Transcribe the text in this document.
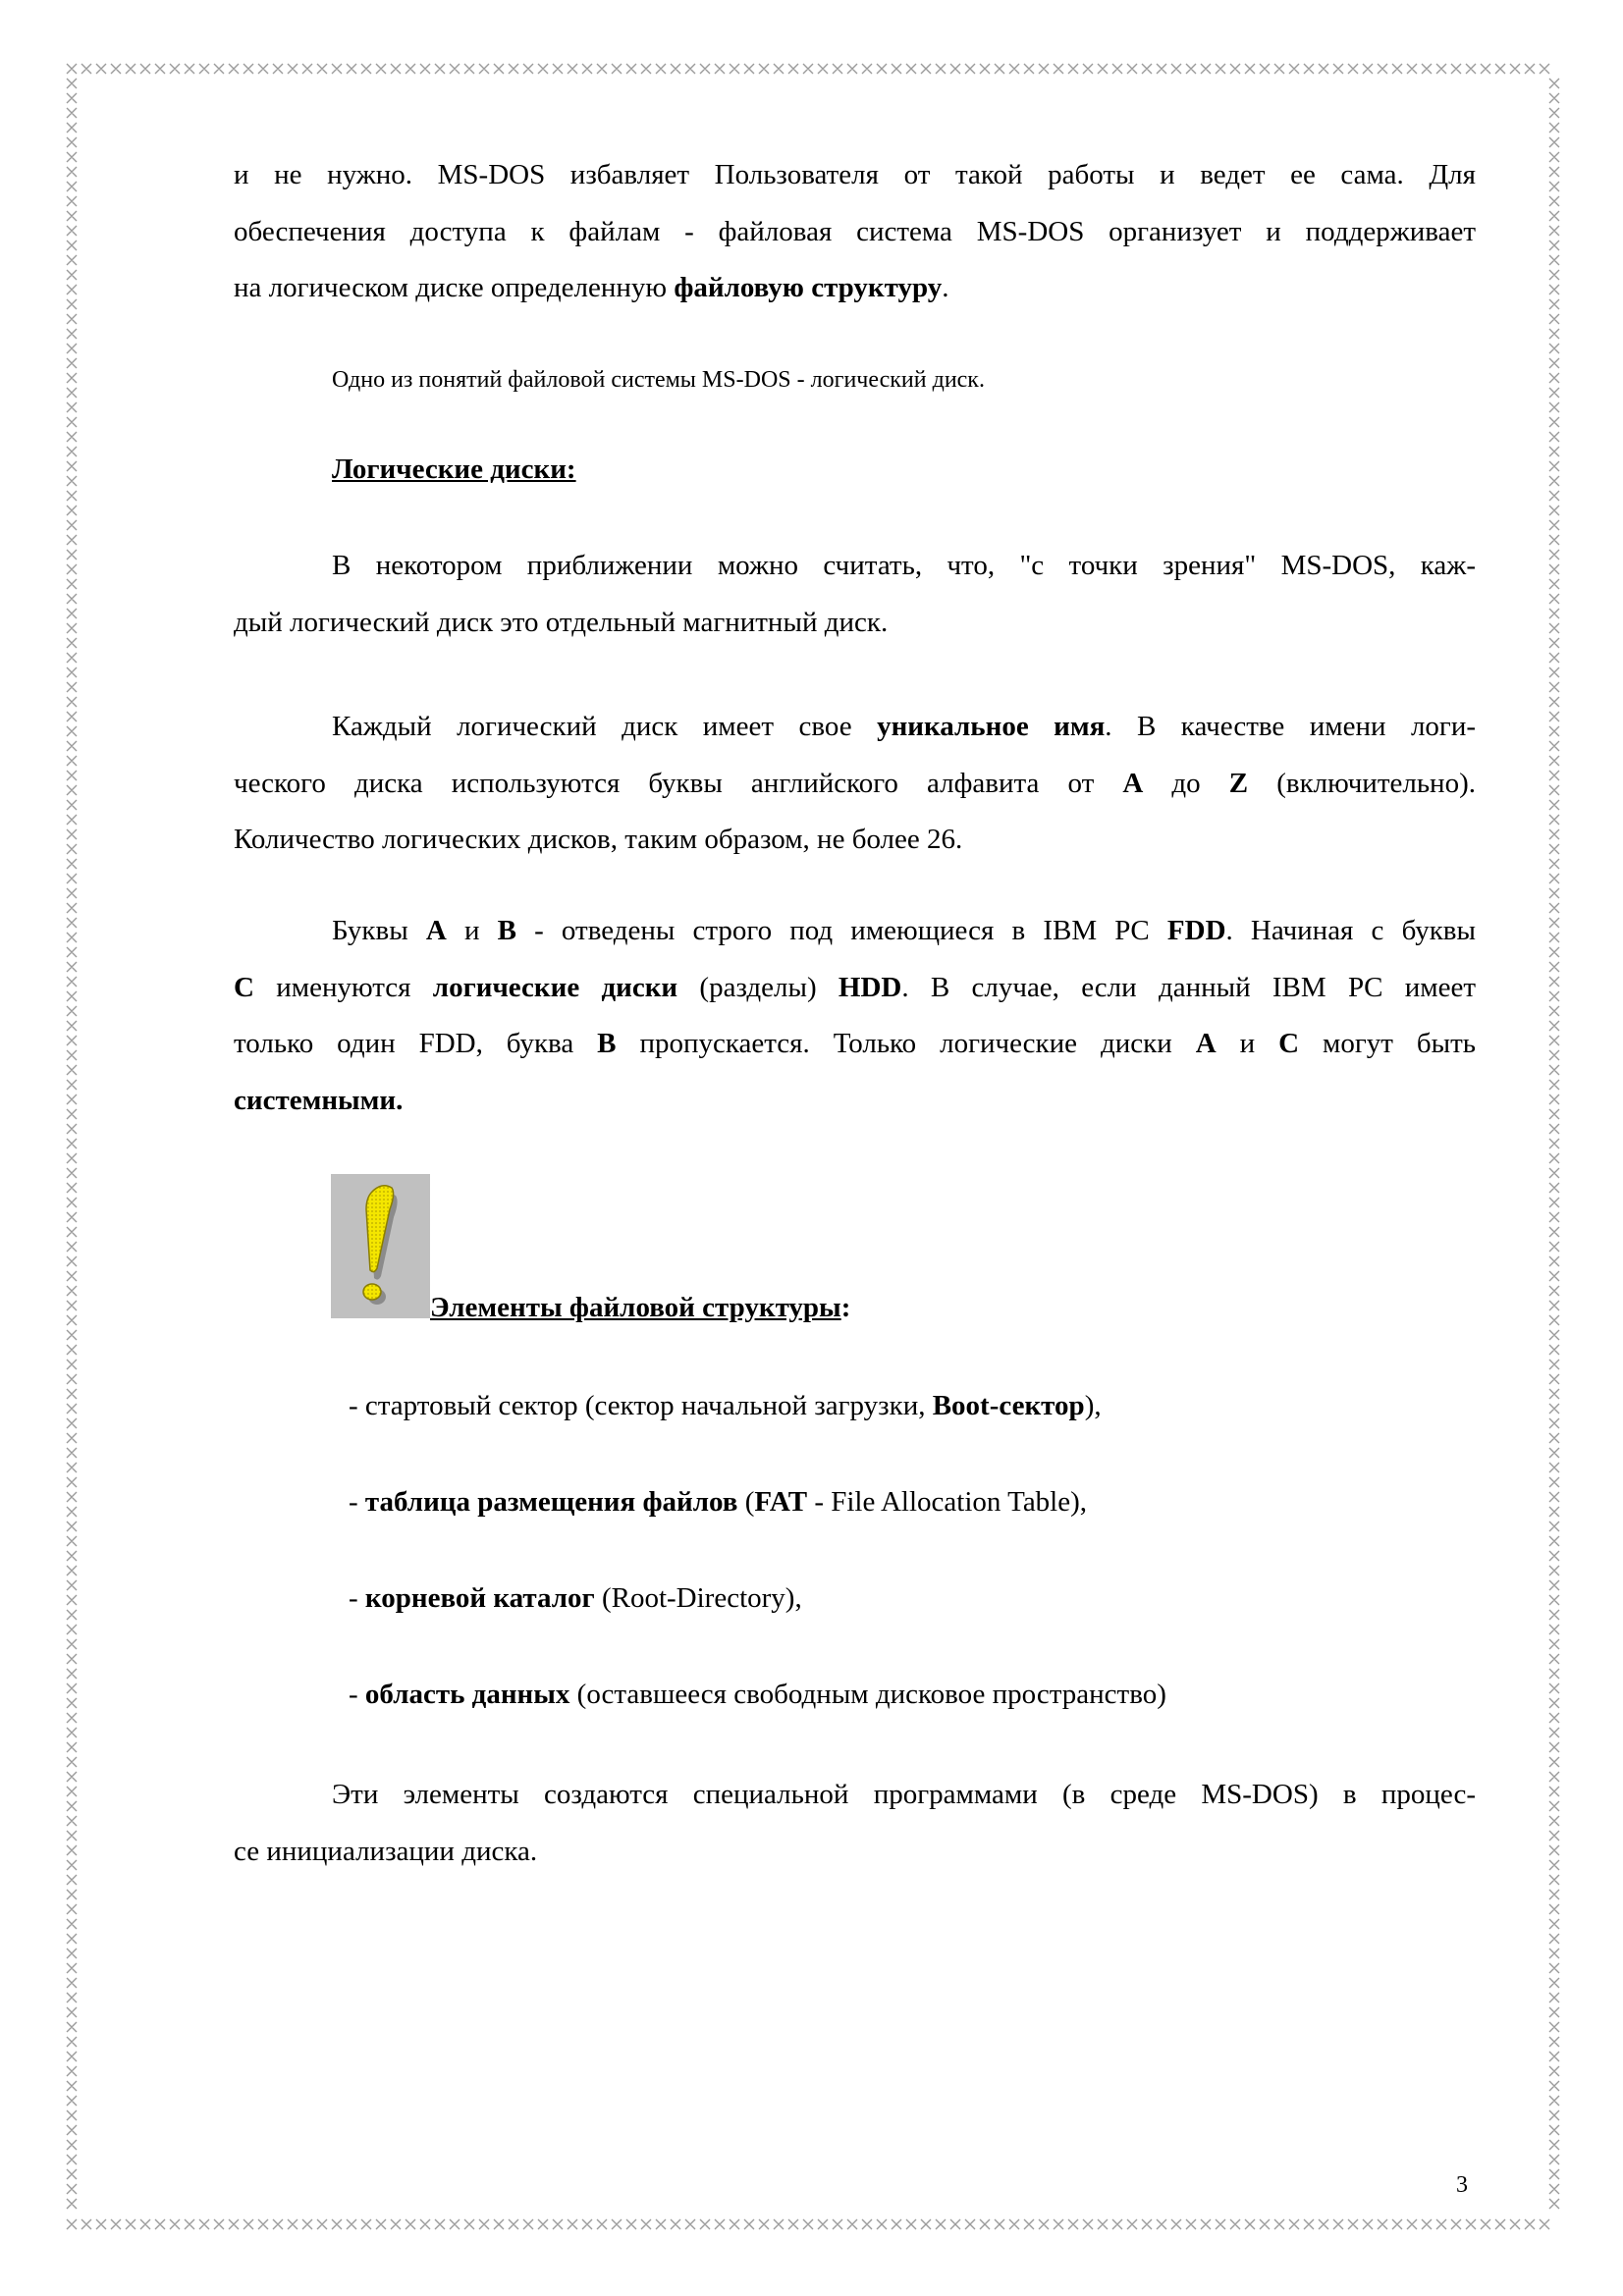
и не нужно. MS-DOS избавляет Пользователя от такой работы и ведет ее сама. Для
обеспечения доступа к файлам - файловая система MS-DOS организует и поддерживает
на логическом диске определенную файловую структуру.
Одно из понятий файловой системы MS-DOS - логический диск.
Логические диски:
В некотором приближении можно считать, что, "с точки зрения" MS-DOS, каж-
дый логический диск это отдельный магнитный диск.
Каждый логический диск имеет свое уникальное имя. В качестве имени логи-
ческого диска используются буквы английского алфавита от A до Z (включительно).
Количество логических дисков, таким образом, не более 26.
Буквы A и B - отведены строго под имеющиеся в IBM PC FDD. Начиная с буквы
C именуются логические диски (разделы) HDD. В случае, если данный IBM PC имеет
только один FDD, буква B пропускается. Только логические диски A и C могут быть
системными.
Элементы файловой структуры:
- стартовый сектор (сектор начальной загрузки, Boot-сектор),
- таблица размещения файлов (FAT - File Allocation Table),
- корневой каталог (Root-Directory),
- область данных (оставшееся свободным дисковое пространство)
Эти элементы создаются специальной программами (в среде MS-DOS) в процес-
се инициализации диска.
3
